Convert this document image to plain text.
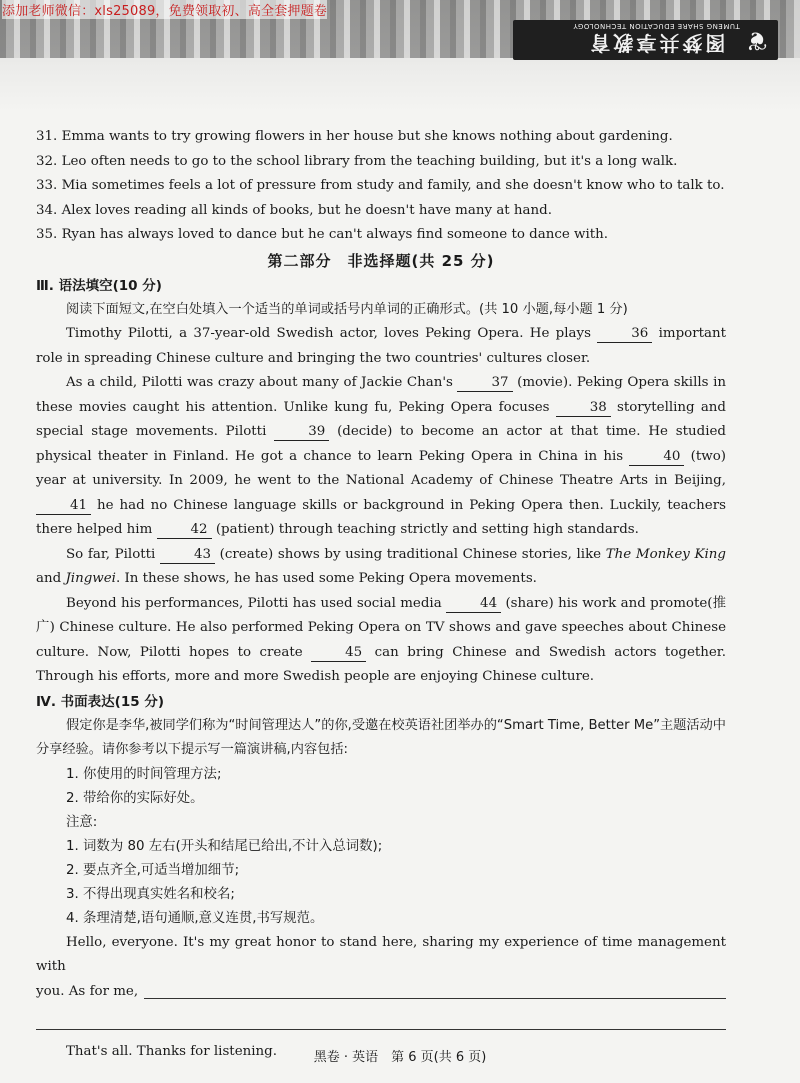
添加老师微信：xls25089，免费领取初、高全套押题卷
图梦共享教育
TUMENG SHARE EDUCATION TECHNOLOGY ❦
31. Emma wants to try growing flowers in her house but she knows nothing about gardening.
32. Leo often needs to go to the school library from the teaching building, but it's a long walk.
33. Mia sometimes feels a lot of pressure from study and family, and she doesn't know who to talk to.
34. Alex loves reading all kinds of books, but he doesn't have many at hand.
35. Ryan has always loved to dance but he can't always find someone to dance with.
第二部分　非选择题(共 25 分)
Ⅲ. 语法填空(10 分)
阅读下面短文,在空白处填入一个适当的单词或括号内单词的正确形式。(共 10 小题,每小题 1 分)
Timothy Pilotti, a 37-year-old Swedish actor, loves Peking Opera. He plays	36 important role in spreading Chinese culture and bringing the two countries' cultures closer.
As a child, Pilotti was crazy about many of Jackie Chan's	37 (movie). Peking Opera skills in these movies caught his attention. Unlike kung fu, Peking Opera focuses	38 storytelling and special stage movements. Pilotti	39 (decide) to become an actor at that time. He studied physical theater in Finland. He got a chance to learn Peking Opera in China in his	40 (two) year at university. In 2009, he went to the National Academy of Chinese Theatre Arts in Beijing, 41 he had no Chinese language skills or background in Peking Opera then. Luckily, teachers there helped him	42 (patient) through teaching strictly and setting high standards.
So far, Pilotti	43 (create) shows by using traditional Chinese stories, like The Monkey King and Jingwei. In these shows, he has used some Peking Opera movements.
Beyond his performances, Pilotti has used social media	44 (share) his work and promote(推广) Chinese culture. He also performed Peking Opera on TV shows and gave speeches about Chinese culture. Now, Pilotti hopes to create	45 can bring Chinese and Swedish actors together. Through his efforts, more and more Swedish people are enjoying Chinese culture.
Ⅳ. 书面表达(15 分)
假定你是李华,被同学们称为“时间管理达人”的你,受邀在校英语社团举办的“Smart Time, Better Me”主题活动中分享经验。请你参考以下提示写一篇演讲稿,内容包括:
1. 你使用的时间管理方法;
2. 带给你的实际好处。
注意:
1. 词数为 80 左右(开头和结尾已给出,不计入总词数);
2. 要点齐全,可适当增加细节;
3. 不得出现真实姓名和校名;
4. 条理清楚,语句通顺,意义连贯,书写规范。
Hello, everyone. It's my great honor to stand here, sharing my experience of time management with
you. As for me,
That's all. Thanks for listening.	黑卷 · 英语　第 6 页(共 6 页)
